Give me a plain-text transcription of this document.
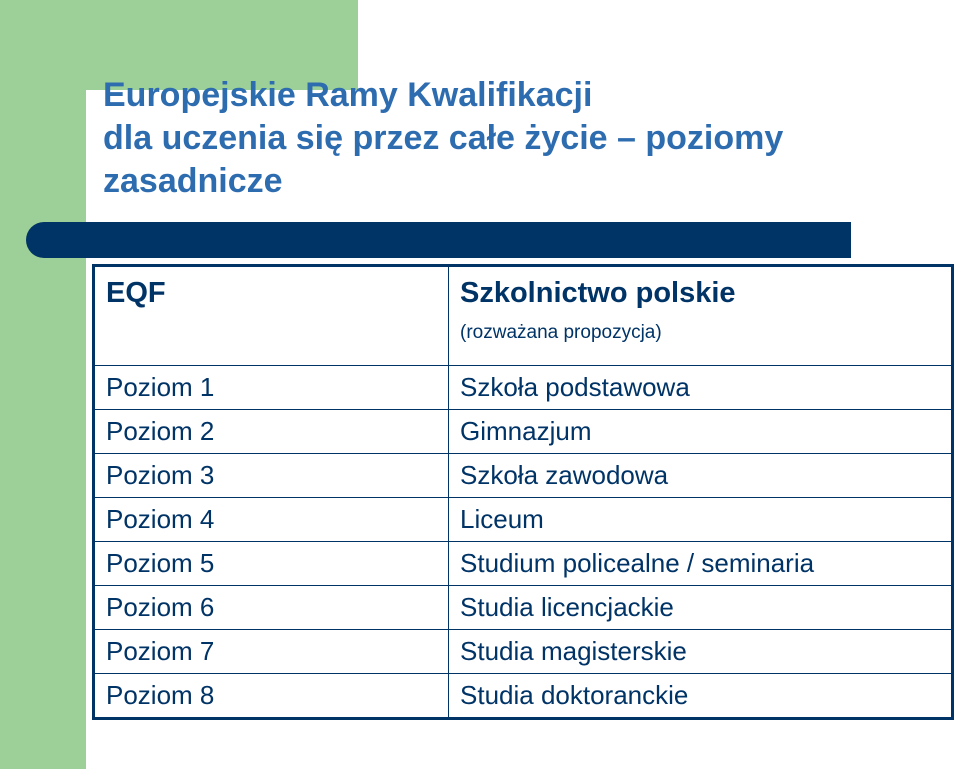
Europejskie Ramy Kwalifikacji
dla uczenia się przez całe życie – poziomy
zasadnicze
EQF	Szkolnictwo polskie
(rozważana propozycja)

Poziom 1	Szkoła podstawowa
Poziom 2	Gimnazjum
Poziom 3	Szkoła zawodowa
Poziom 4	Liceum
Poziom 5	Studium policealne / seminaria
Poziom 6	Studia licencjackie
Poziom 7	Studia magisterskie
Poziom 8	Studia doktoranckie
